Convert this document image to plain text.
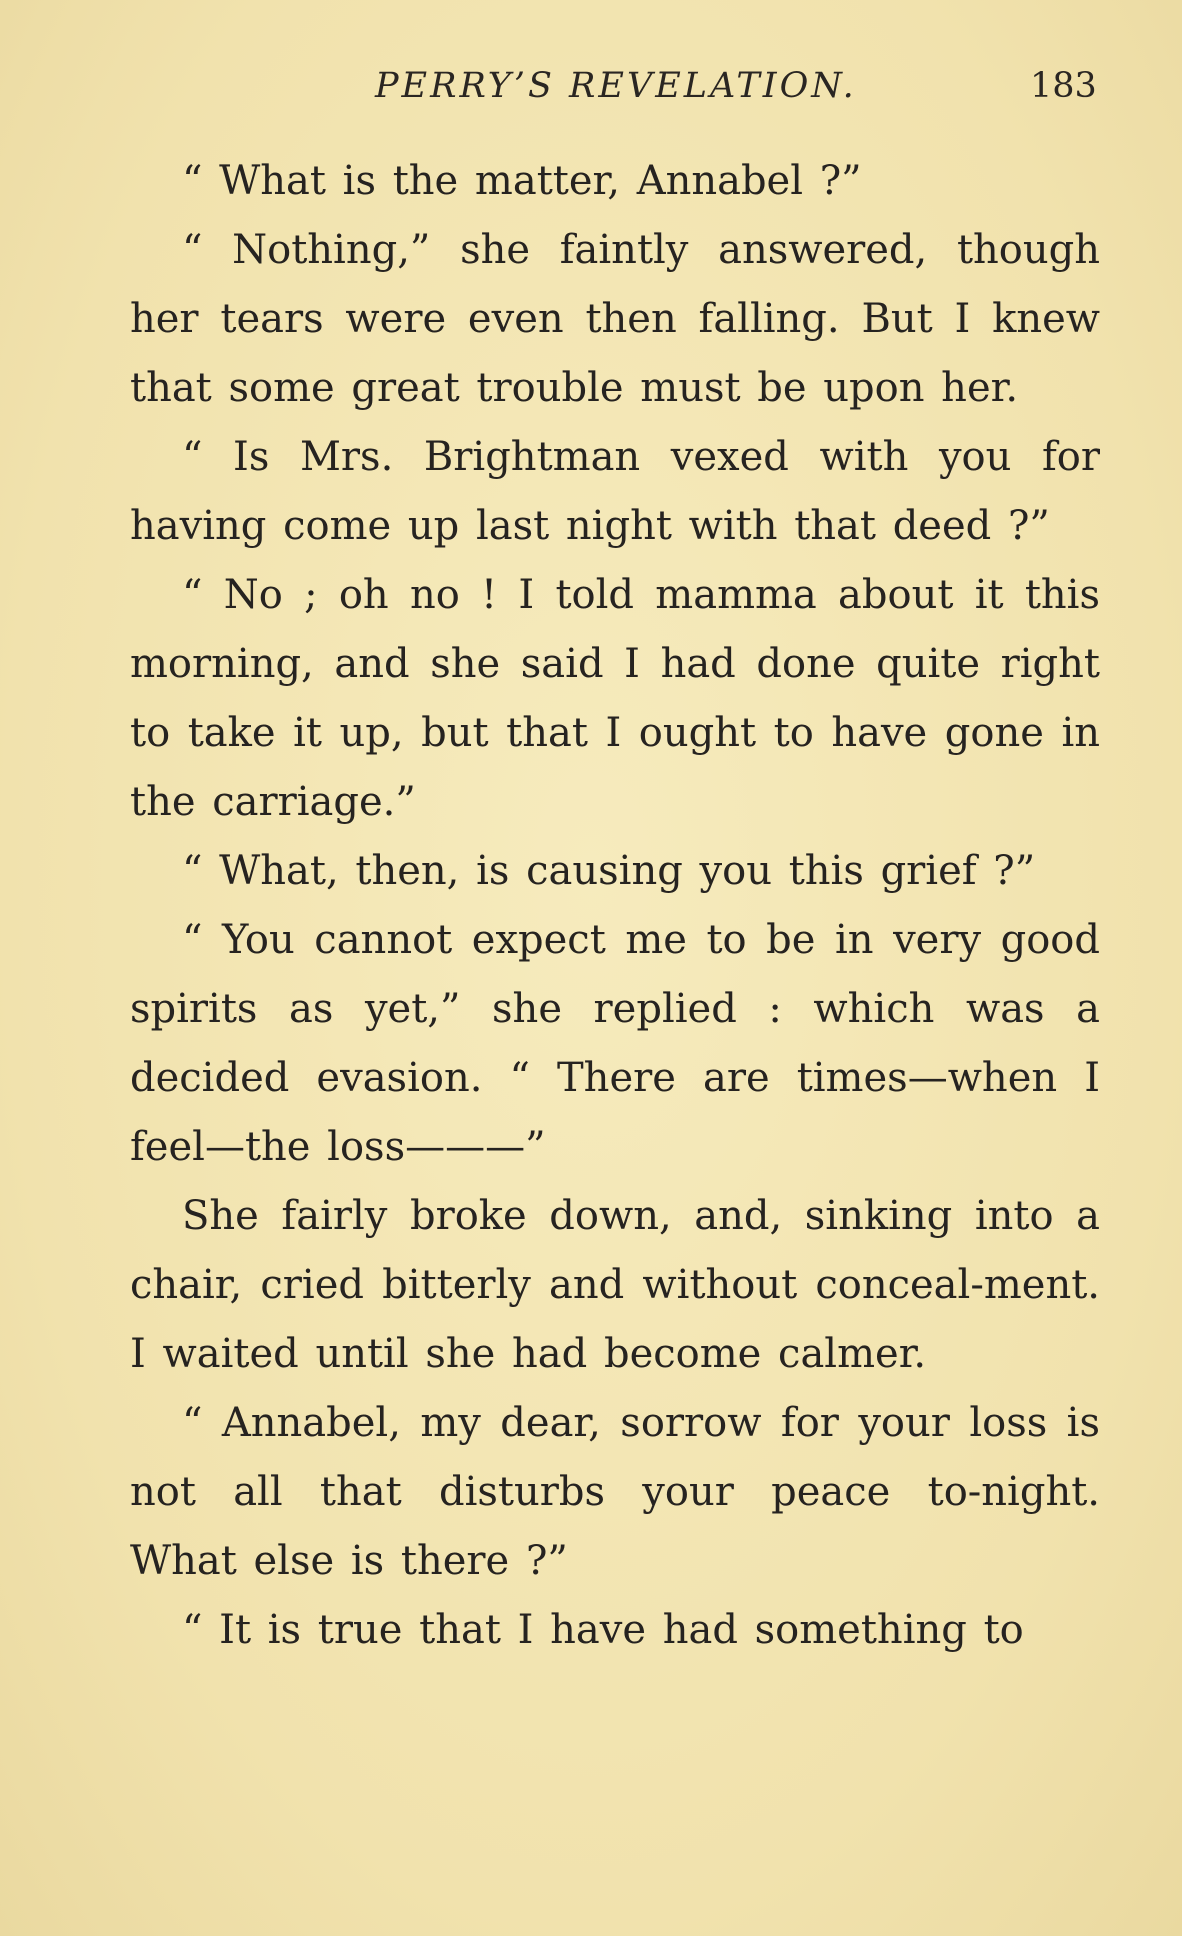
PERRY’S REVELATION.	183

“ What is the matter, Annabel ?”

“ Nothing,” she faintly answered, though her tears were even then falling. But I knew that some great trouble must be upon her.

“ Is Mrs. Brightman vexed with you for having come up last night with that deed ?”

“ No ; oh no ! I told mamma about it this morning, and she said I had done quite right to take it up, but that I ought to have gone in the carriage.”

“ What, then, is causing you this grief ?”

“ You cannot expect me to be in very good spirits as yet,” she replied : which was a decided evasion. “ There are times—when I feel—the loss———”

She fairly broke down, and, sinking into a chair, cried bitterly and without conceal-ment. I waited until she had become calmer.

“ Annabel, my dear, sorrow for your loss is not all that disturbs your peace to-night. What else is there ?”

“ It is true that I have had something to
